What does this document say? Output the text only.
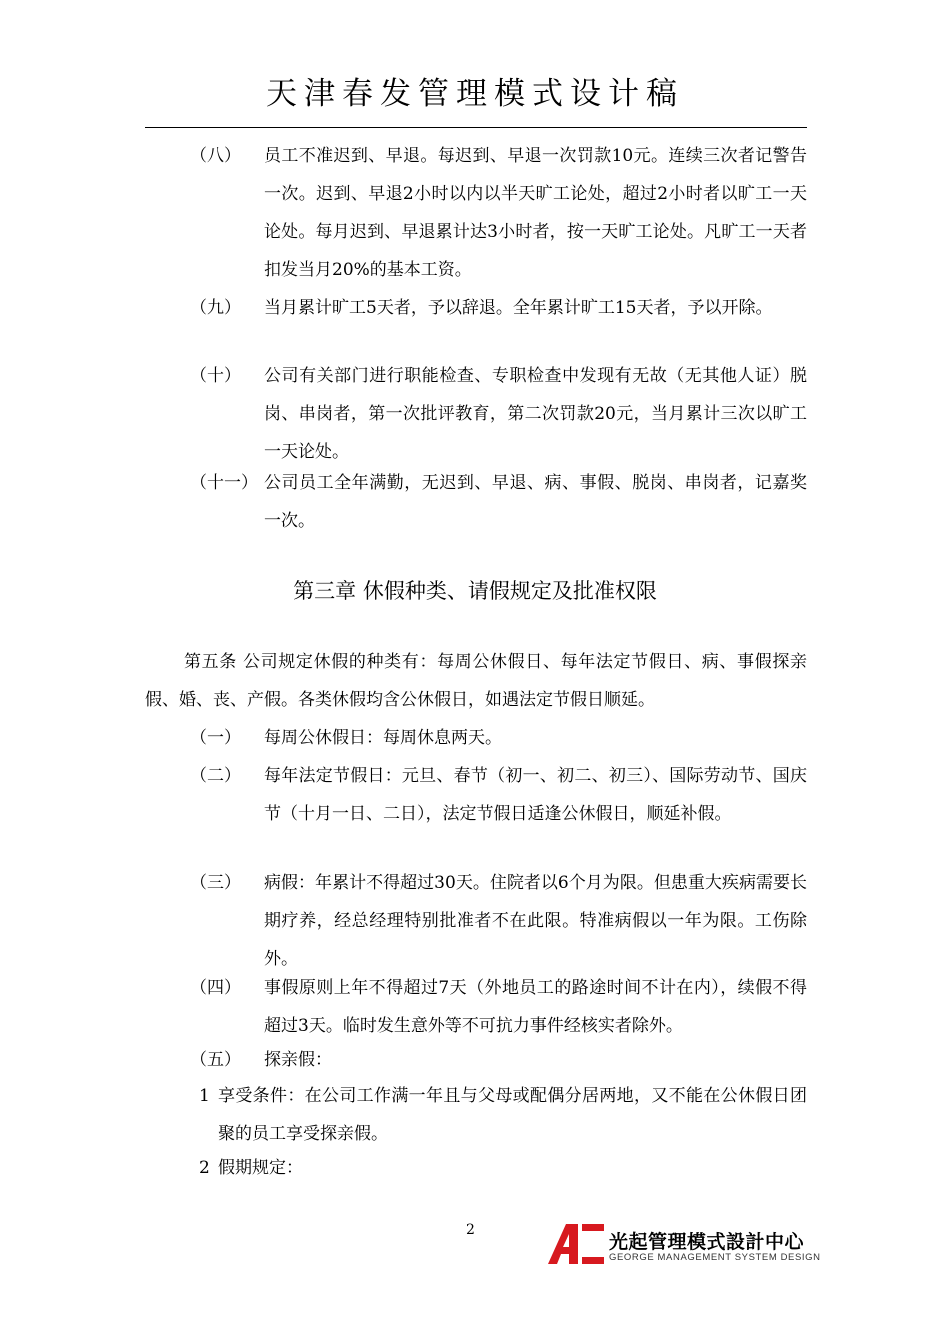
天津春发管理模式设计稿
（八）	员工不准迟到、早退。每迟到、早退一次罚款10元。连续三次者记警告一次。迟到、早退2小时以内以半天旷工论处，超过2小时者以旷工一天论处。每月迟到、早退累计达3小时者，按一天旷工论处。凡旷工一天者扣发当月20%的基本工资。
（九）	当月累计旷工5天者，予以辞退。全年累计旷工15天者，予以开除。
（十）	公司有关部门进行职能检查、专职检查中发现有无故（无其他人证）脱岗、串岗者，第一次批评教育，第二次罚款20元，当月累计三次以旷工一天论处。
（十一） 公司员工全年满勤，无迟到、早退、病、事假、脱岗、串岗者，记嘉奖一次。
第三章 休假种类、请假规定及批准权限
第五条 公司规定休假的种类有：每周公休假日、每年法定节假日、病、事假探亲假、婚、丧、产假。各类休假均含公休假日，如遇法定节假日顺延。
（一）	每周公休假日：每周休息两天。
（二）	每年法定节假日：元旦、春节（初一、初二、初三）、国际劳动节、国庆节（十月一日、二日），法定节假日适逢公休假日，顺延补假。
（三）	病假：年累计不得超过30天。住院者以6个月为限。但患重大疾病需要长期疗养，经总经理特别批准者不在此限。特准病假以一年为限。工伤除外。
（四）	事假原则上年不得超过7天（外地员工的路途时间不计在内），续假不得超过3天。临时发生意外等不可抗力事件经核实者除外。
（五）	探亲假：
1 享受条件：在公司工作满一年且与父母或配偶分居两地，又不能在公休假日团聚的员工享受探亲假。
2 假期规定：
2
光起管理模式設計中心
GEORGE MANAGEMENT SYSTEM DESIGN
